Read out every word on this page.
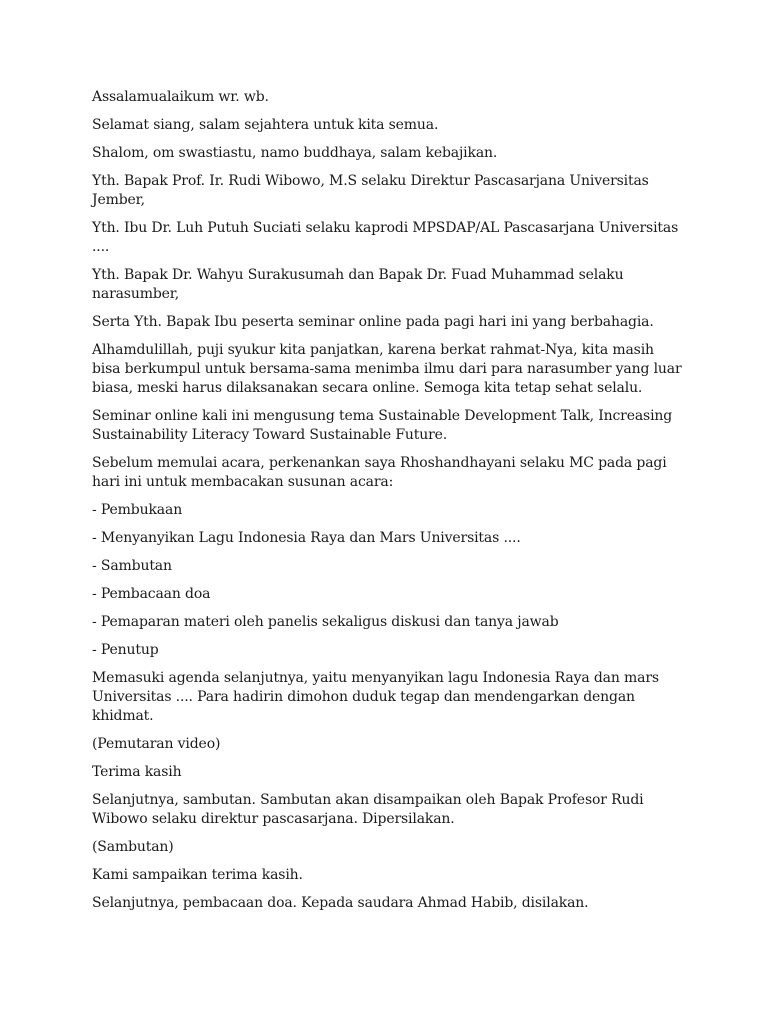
Assalamualaikum wr. wb.

Selamat siang, salam sejahtera untuk kita semua.

Shalom, om swastiastu, namo buddhaya, salam kebajikan.

Yth. Bapak Prof. Ir. Rudi Wibowo, M.S selaku Direktur Pascasarjana Universitas Jember,

Yth. Ibu Dr. Luh Putuh Suciati selaku kaprodi MPSDAP/AL Pascasarjana Universitas ....

Yth. Bapak Dr. Wahyu Surakusumah dan Bapak Dr. Fuad Muhammad selaku narasumber,

Serta Yth. Bapak Ibu peserta seminar online pada pagi hari ini yang berbahagia.

Alhamdulillah, puji syukur kita panjatkan, karena berkat rahmat-Nya, kita masih bisa berkumpul untuk bersama-sama menimba ilmu dari para narasumber yang luar biasa, meski harus dilaksanakan secara online. Semoga kita tetap sehat selalu.

Seminar online kali ini mengusung tema Sustainable Development Talk, Increasing Sustainability Literacy Toward Sustainable Future.

Sebelum memulai acara, perkenankan saya Rhoshandhayani selaku MC pada pagi hari ini untuk membacakan susunan acara:

- Pembukaan

- Menyanyikan Lagu Indonesia Raya dan Mars Universitas ....

- Sambutan

- Pembacaan doa

- Pemaparan materi oleh panelis sekaligus diskusi dan tanya jawab

- Penutup

Memasuki agenda selanjutnya, yaitu menyanyikan lagu Indonesia Raya dan mars Universitas .... Para hadirin dimohon duduk tegap dan mendengarkan dengan khidmat.

(Pemutaran video)

Terima kasih

Selanjutnya, sambutan. Sambutan akan disampaikan oleh Bapak Profesor Rudi Wibowo selaku direktur pascasarjana. Dipersilakan.

(Sambutan)

Kami sampaikan terima kasih.

Selanjutnya, pembacaan doa. Kepada saudara Ahmad Habib, disilakan.
